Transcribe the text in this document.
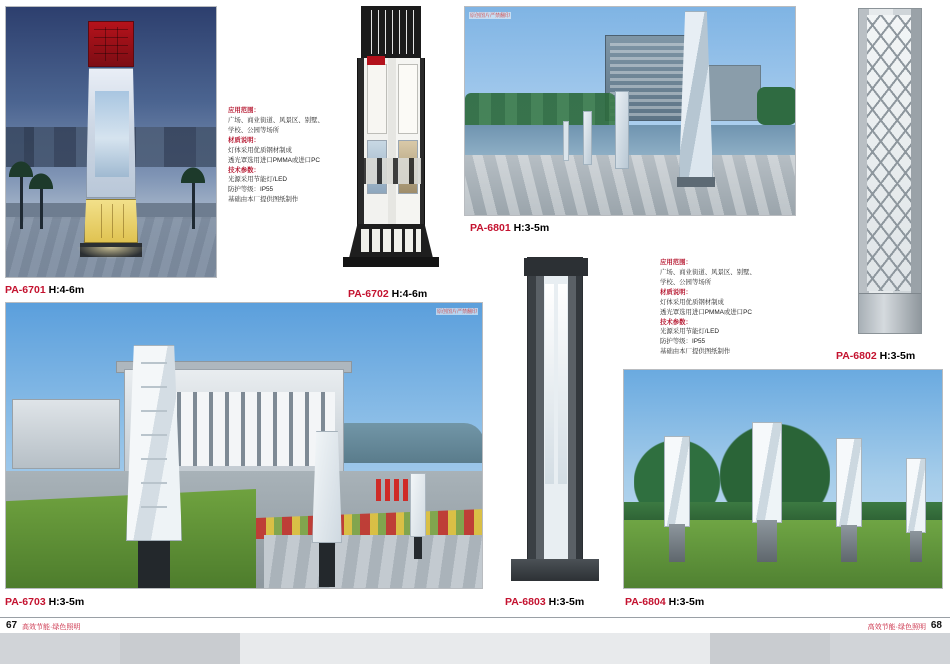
PA-6701 H:4-6m
应用范围：
广场、商业街道、风景区、别墅、
学校、公园等场所
材质说明：
灯体采用优质钢材制成
透光罩选用进口PMMA或进口PC
技术参数：
光源采用节能灯/LED
防护等级：IP55
基础由本厂提供图纸制作
PA-6702 H:4-6m
原创图片严禁翻印
PA-6801 H:3-5m
应用范围：
广场、商业街道、风景区、别墅、
学校、公园等场所
材质说明：
灯体采用优质钢材制成
透光罩选用进口PMMA或进口PC
技术参数：
光源采用节能灯/LED
防护等级：IP55
基础由本厂提供图纸制作	PA-6802 H:3-5m
原创图片严禁翻印
PA-6703 H:3-5m	PA-6803 H:3-5m	PA-6804 H:3-5m
67 高效节能·绿色照明	68
高效节能·绿色照明
